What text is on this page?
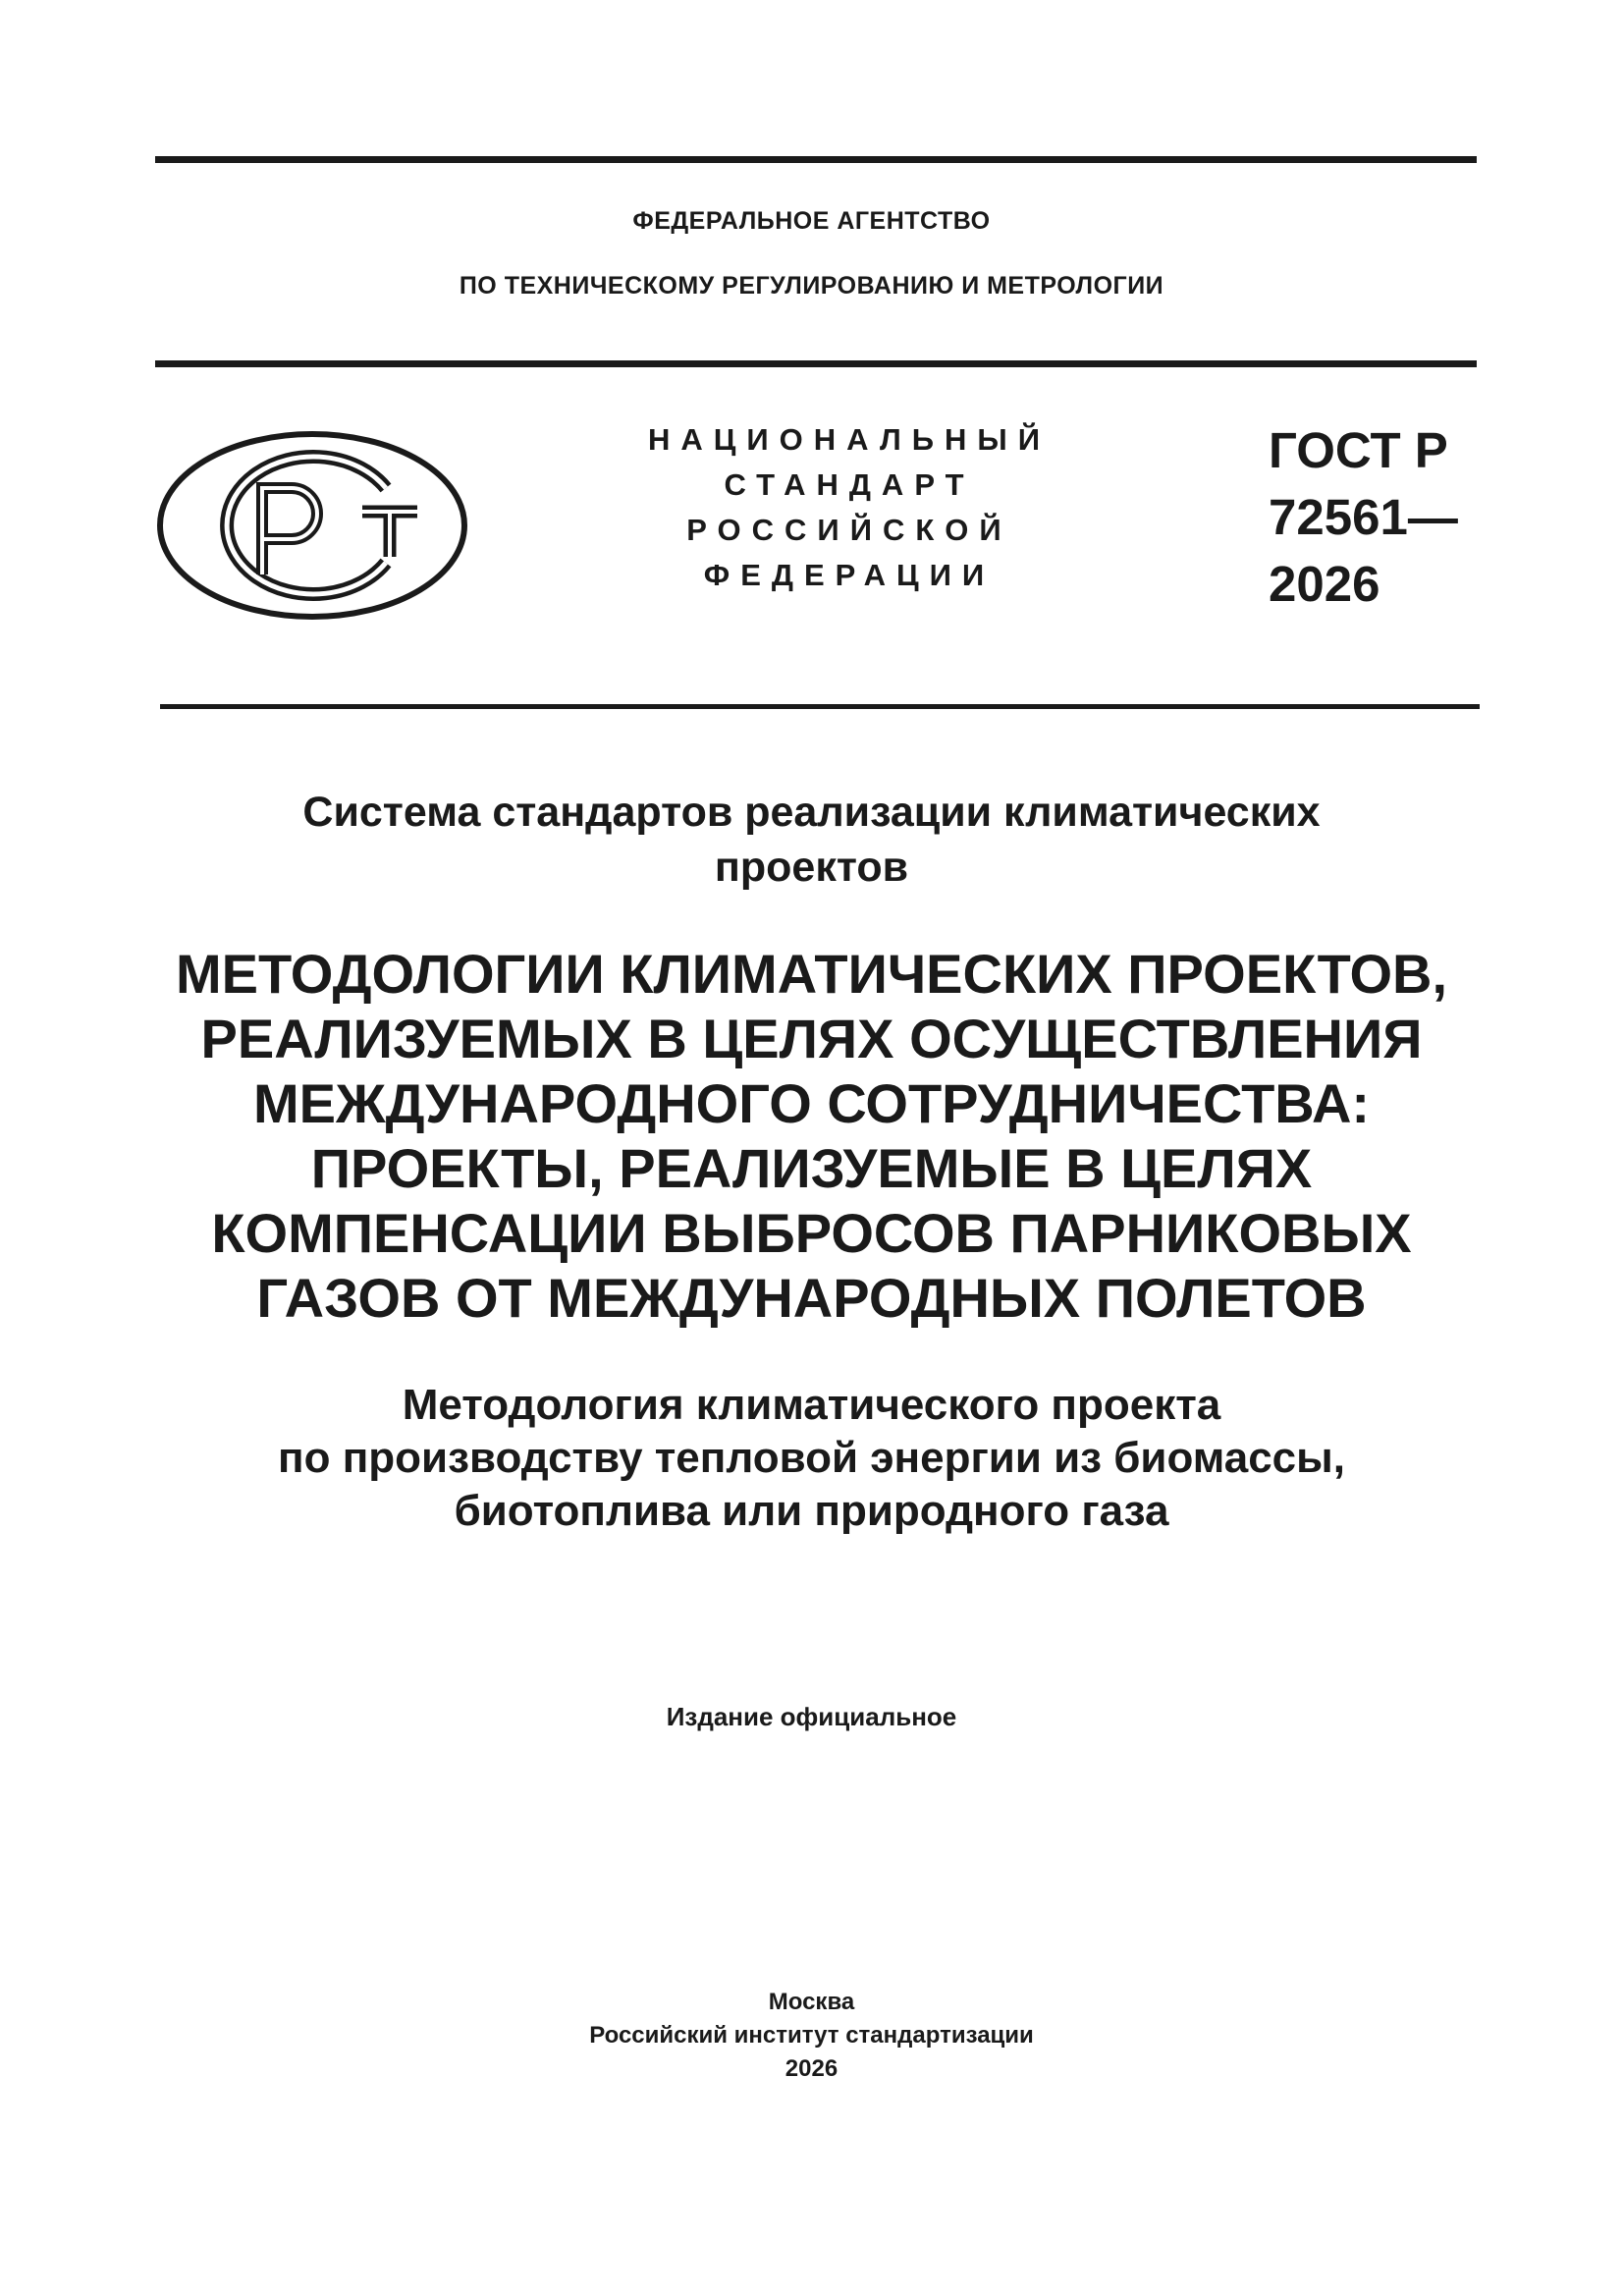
ФЕДЕРАЛЬНОЕ АГЕНТСТВО
ПО ТЕХНИЧЕСКОМУ РЕГУЛИРОВАНИЮ И МЕТРОЛОГИИ
НАЦИОНАЛЬНЫЙ
СТАНДАРТ
РОССИЙСКОЙ
ФЕДЕРАЦИИ
ГОСТ Р
72561—
2026
Система стандартов реализации климатических
проектов
МЕТОДОЛОГИИ КЛИМАТИЧЕСКИХ ПРОЕКТОВ,
РЕАЛИЗУЕМЫХ В ЦЕЛЯХ ОСУЩЕСТВЛЕНИЯ
МЕЖДУНАРОДНОГО СОТРУДНИЧЕСТВА:
ПРОЕКТЫ, РЕАЛИЗУЕМЫЕ В ЦЕЛЯХ
КОМПЕНСАЦИИ ВЫБРОСОВ ПАРНИКОВЫХ
ГАЗОВ ОТ МЕЖДУНАРОДНЫХ ПОЛЕТОВ
Методология климатического проекта
по производству тепловой энергии из биомассы,
биотоплива или природного газа
Издание официальное
Москва
Российский институт стандартизации
2026
